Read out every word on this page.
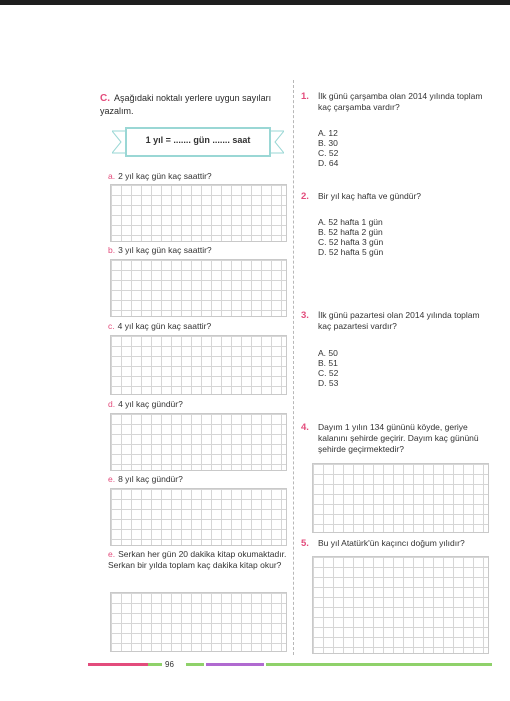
C. Aşağıdaki noktalı yerlere uygun sayıları yazalım.
1 yıl = ....... gün ....... saat
a. 2 yıl kaç gün kaç saattir?
b. 3 yıl kaç gün kaç saattir?
c. 4 yıl kaç gün kaç saattir?
d. 4 yıl kaç gündür?
e. 8 yıl kaç gündür?
e. Serkan her gün 20 dakika kitap okumaktadır. Serkan bir yılda toplam kaç dakika kitap okur?
1. İlk günü çarşamba olan 2014 yılında toplam kaç çarşamba vardır?
A. 12B. 30
C. 52D. 64
2. Bir yıl kaç hafta ve gündür?
A. 52 hafta 1 gün
B. 52 hafta 2 gün
C. 52 hafta 3 gün
D. 52 hafta 5 gün
3. İlk günü pazartesi olan 2014 yılında toplam kaç pazartesi vardır?
A. 50B. 51
C. 52D. 53
4. Dayım 1 yılın 134 gününü köyde, geriye kalanını şehirde geçirir. Dayım kaç gününü şehirde geçirmektedir?
5. Bu yıl Atatürk'ün kaçıncı doğum yılıdır?
96
